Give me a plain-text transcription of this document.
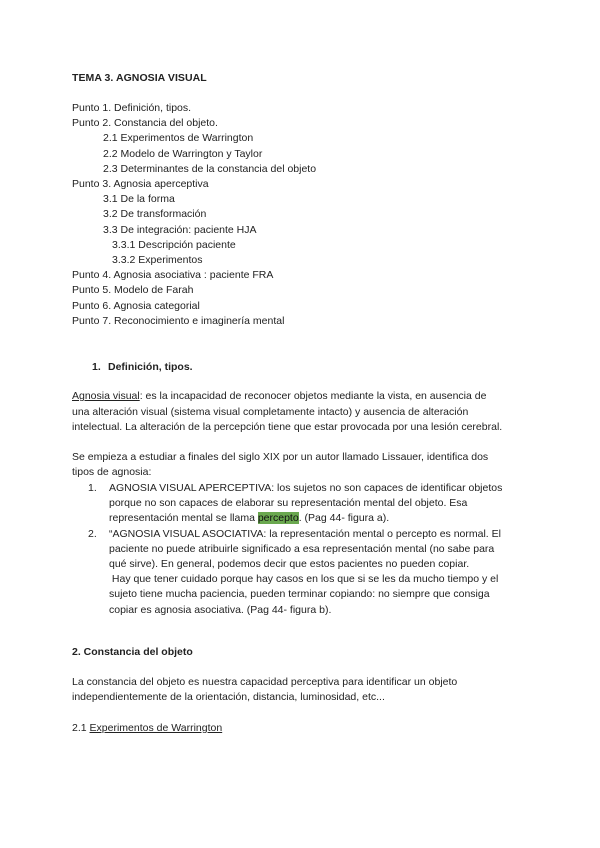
TEMA 3. AGNOSIA VISUAL
Punto 1. Definición, tipos.
Punto 2. Constancia del objeto.
2.1 Experimentos de Warrington
2.2 Modelo de Warrington y Taylor
2.3 Determinantes de la constancia del objeto
Punto 3. Agnosia aperceptiva
3.1 De la forma
3.2 De transformación
3.3 De integración: paciente HJA
3.3.1 Descripción paciente
3.3.2 Experimentos
Punto 4. Agnosia asociativa : paciente FRA
Punto 5. Modelo de Farah
Punto 6. Agnosia categorial
Punto 7. Reconocimiento e imaginería mental
1. Definición, tipos.
Agnosia visual: es la incapacidad de reconocer objetos mediante la vista, en ausencia de
una alteración visual (sistema visual completamente intacto) y ausencia de alteración
intelectual. La alteración de la percepción tiene que estar provocada por una lesión cerebral.
Se empieza a estudiar a finales del siglo XIX por un autor llamado Lissauer, identifica dos
tipos de agnosia:
1. AGNOSIA VISUAL APERCEPTIVA: los sujetos no son capaces de identificar objetos
porque no son capaces de elaborar su representación mental del objeto. Esa
representación mental se llama percepto. (Pag 44- figura a).
2. “AGNOSIA VISUAL ASOCIATIVA: la representación mental o percepto es normal. El
paciente no puede atribuirle significado a esa representación mental (no sabe para
qué sirve). En general, podemos decir que estos pacientes no pueden copiar.
Hay que tener cuidado porque hay casos en los que si se les da mucho tiempo y el
sujeto tiene mucha paciencia, pueden terminar copiando: no siempre que consiga
copiar es agnosia asociativa. (Pag 44- figura b).
2. Constancia del objeto
La constancia del objeto es nuestra capacidad perceptiva para identificar un objeto
independientemente de la orientación, distancia, luminosidad, etc...
2.1 Experimentos de Warrington
